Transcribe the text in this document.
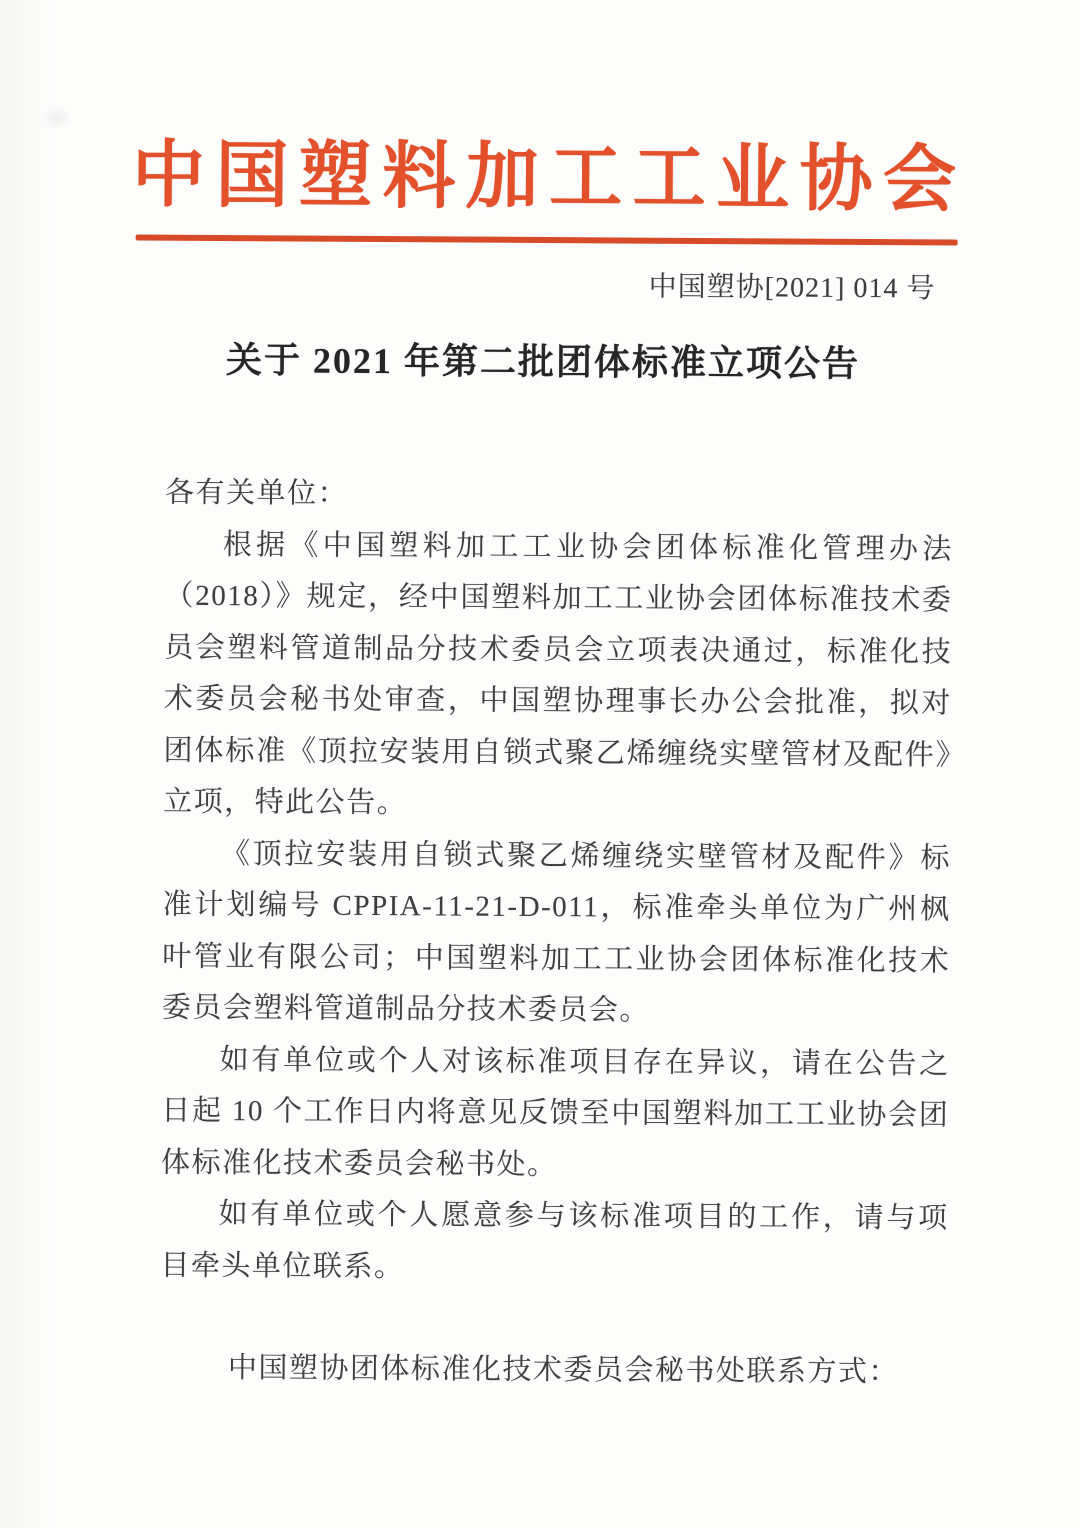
中国塑料加工工业协会
中国塑协[2021] 014 号
关于 2021 年第二批团体标准立项公告

各有关单位：

根据《中国塑料加工工业协会团体标准化管理办法（2018）》规定，经中国塑料加工工业协会团体标准技术委员会塑料管道制品分技术委员会立项表决通过，标准化技术委员会秘书处审查，中国塑协理事长办公会批准，拟对团体标准《顶拉安装用自锁式聚乙烯缠绕实壁管材及配件》立项，特此公告。

《顶拉安装用自锁式聚乙烯缠绕实壁管材及配件》标准计划编号 CPPIA-11-21-D-011，标准牵头单位为广州枫叶管业有限公司；中国塑料加工工业协会团体标准化技术委员会塑料管道制品分技术委员会。

如有单位或个人对该标准项目存在异议，请在公告之日起 10 个工作日内将意见反馈至中国塑料加工工业协会团体标准化技术委员会秘书处。

如有单位或个人愿意参与该标准项目的工作，请与项目牵头单位联系。

中国塑协团体标准化技术委员会秘书处联系方式：
